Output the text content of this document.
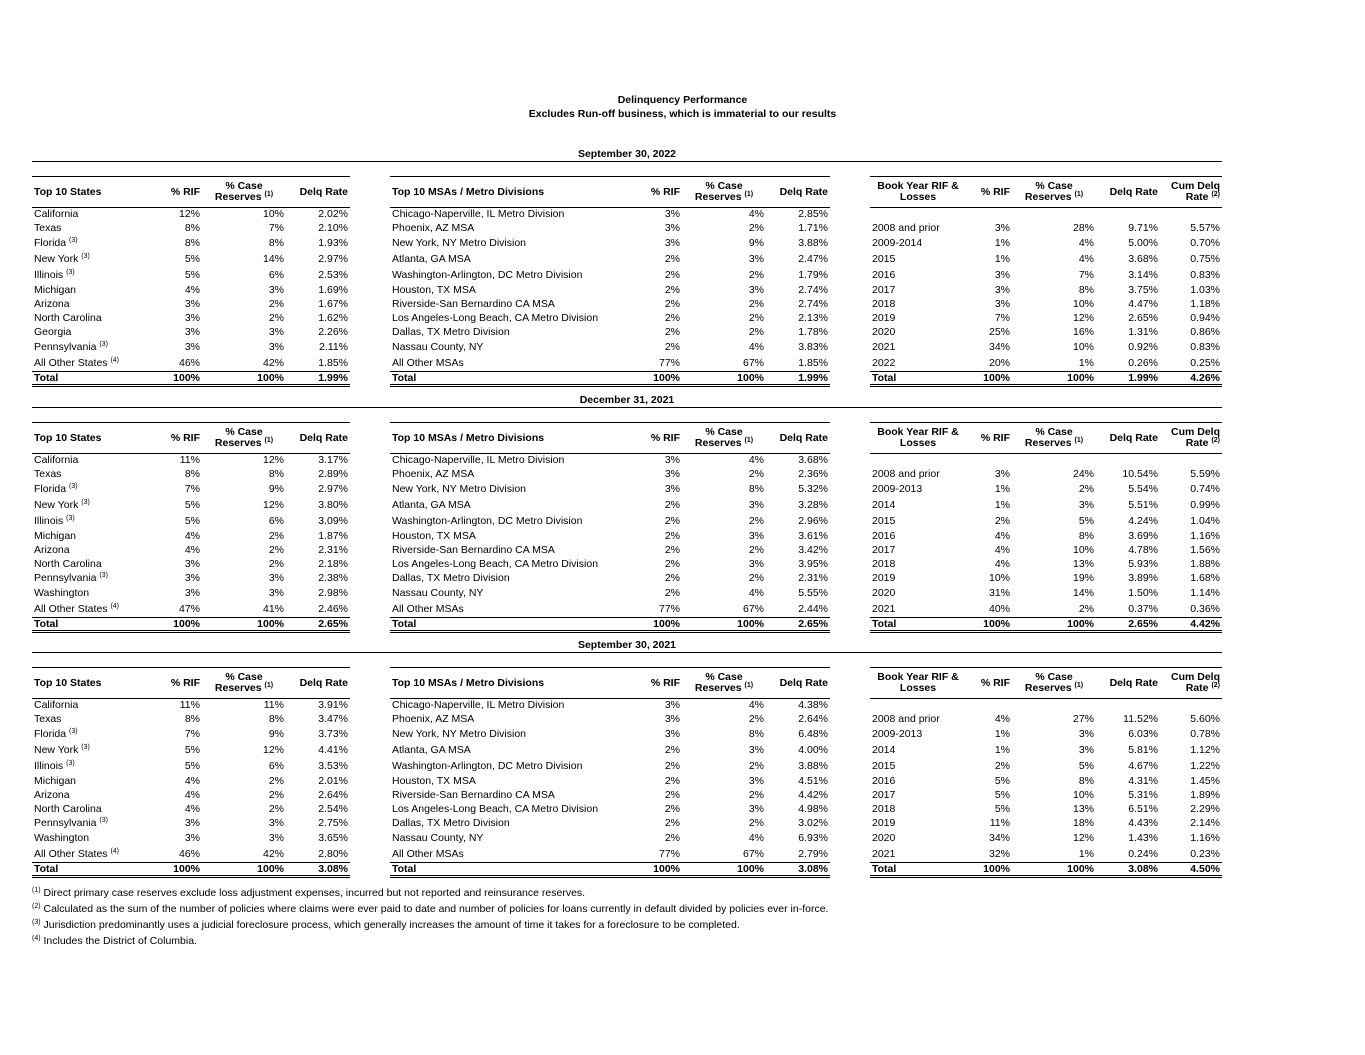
Delinquency Performance
Excludes Run-off business, which is immaterial to our results
September 30, 2022
Top 10 States	% RIF	% Case
Reserves $^{(1)}$	Delq Rate
California	12%	10%	2.02%
Texas	8%	7%	2.10%
Florida $^{(3)}$	8%	8%	1.93%
New York $^{(3)}$	5%	14%	2.97%
Illinois $^{(3)}$	5%	6%	2.53%
Michigan	4%	3%	1.69%
Arizona	3%	2%	1.67%
North Carolina	3%	2%	1.62%
Georgia	3%	3%	2.26%
Pennsylvania $^{(3)}$	3%	3%	2.11%
All Other States $^{(4)}$	46%	42%	1.85%
Total	100%	100%	1.99%
Top 10 MSAs / Metro Divisions	% RIF	% Case
Reserves $^{(1)}$	Delq Rate
Chicago-Naperville, IL Metro Division	3%	4%	2.85%
Phoenix, AZ MSA	3%	2%	1.71%
New York, NY Metro Division	3%	9%	3.88%
Atlanta, GA MSA	2%	3%	2.47%
Washington-Arlington, DC Metro Division	2%	2%	1.79%
Houston, TX MSA	2%	3%	2.74%
Riverside-San Bernardino CA MSA	2%	2%	2.74%
Los Angeles-Long Beach, CA Metro Division	2%	2%	2.13%
Dallas, TX Metro Division	2%	2%	1.78%
Nassau County, NY	2%	4%	3.83%
All Other MSAs	77%	67%	1.85%
Total	100%	100%	1.99%
Book Year RIF &
Losses	% RIF	% Case
Reserves $^{(1)}$	Delq Rate	Cum Delq
Rate $^{(2)}$

2008 and prior	3%	28%	9.71%	5.57%
2009-2014	1%	4%	5.00%	0.70%
2015	1%	4%	3.68%	0.75%
2016	3%	7%	3.14%	0.83%
2017	3%	8%	3.75%	1.03%
2018	3%	10%	4.47%	1.18%
2019	7%	12%	2.65%	0.94%
2020	25%	16%	1.31%	0.86%
2021	34%	10%	0.92%	0.83%
2022	20%	1%	0.26%	0.25%
Total	100%	100%	1.99%	4.26%
December 31, 2021
Top 10 States	% RIF	% Case
Reserves $^{(1)}$	Delq Rate
California	11%	12%	3.17%
Texas	8%	8%	2.89%
Florida $^{(3)}$	7%	9%	2.97%
New York $^{(3)}$	5%	12%	3.80%
Illinois $^{(3)}$	5%	6%	3.09%
Michigan	4%	2%	1.87%
Arizona	4%	2%	2.31%
North Carolina	3%	2%	2.18%
Pennsylvania $^{(3)}$	3%	3%	2.38%
Washington	3%	3%	2.98%
All Other States $^{(4)}$	47%	41%	2.46%
Total	100%	100%	2.65%
Top 10 MSAs / Metro Divisions	% RIF	% Case
Reserves $^{(1)}$	Delq Rate
Chicago-Naperville, IL Metro Division	3%	4%	3.68%
Phoenix, AZ MSA	3%	2%	2.36%
New York, NY Metro Division	3%	8%	5.32%
Atlanta, GA MSA	2%	3%	3.28%
Washington-Arlington, DC Metro Division	2%	2%	2.96%
Houston, TX MSA	2%	3%	3.61%
Riverside-San Bernardino CA MSA	2%	2%	3.42%
Los Angeles-Long Beach, CA Metro Division	2%	3%	3.95%
Dallas, TX Metro Division	2%	2%	2.31%
Nassau County, NY	2%	4%	5.55%
All Other MSAs	77%	67%	2.44%
Total	100%	100%	2.65%
Book Year RIF &
Losses	% RIF	% Case
Reserves $^{(1)}$	Delq Rate	Cum Delq
Rate $^{(2)}$

2008 and prior	3%	24%	10.54%	5.59%
2009-2013	1%	2%	5.54%	0.74%
2014	1%	3%	5.51%	0.99%
2015	2%	5%	4.24%	1.04%
2016	4%	8%	3.69%	1.16%
2017	4%	10%	4.78%	1.56%
2018	4%	13%	5.93%	1.88%
2019	10%	19%	3.89%	1.68%
2020	31%	14%	1.50%	1.14%
2021	40%	2%	0.37%	0.36%
Total	100%	100%	2.65%	4.42%
September 30, 2021
Top 10 States	% RIF	% Case
Reserves $^{(1)}$	Delq Rate
California	11%	11%	3.91%
Texas	8%	8%	3.47%
Florida $^{(3)}$	7%	9%	3.73%
New York $^{(3)}$	5%	12%	4.41%
Illinois $^{(3)}$	5%	6%	3.53%
Michigan	4%	2%	2.01%
Arizona	4%	2%	2.64%
North Carolina	4%	2%	2.54%
Pennsylvania $^{(3)}$	3%	3%	2.75%
Washington	3%	3%	3.65%
All Other States $^{(4)}$	46%	42%	2.80%
Total	100%	100%	3.08%
Top 10 MSAs / Metro Divisions	% RIF	% Case
Reserves $^{(1)}$	Delq Rate
Chicago-Naperville, IL Metro Division	3%	4%	4.38%
Phoenix, AZ MSA	3%	2%	2.64%
New York, NY Metro Division	3%	8%	6.48%
Atlanta, GA MSA	2%	3%	4.00%
Washington-Arlington, DC Metro Division	2%	2%	3.88%
Houston, TX MSA	2%	3%	4.51%
Riverside-San Bernardino CA MSA	2%	2%	4.42%
Los Angeles-Long Beach, CA Metro Division	2%	3%	4.98%
Dallas, TX Metro Division	2%	2%	3.02%
Nassau County, NY	2%	4%	6.93%
All Other MSAs	77%	67%	2.79%
Total	100%	100%	3.08%
Book Year RIF &
Losses	% RIF	% Case
Reserves $^{(1)}$	Delq Rate	Cum Delq
Rate $^{(2)}$

2008 and prior	4%	27%	11.52%	5.60%
2009-2013	1%	3%	6.03%	0.78%
2014	1%	3%	5.81%	1.12%
2015	2%	5%	4.67%	1.22%
2016	5%	8%	4.31%	1.45%
2017	5%	10%	5.31%	1.89%
2018	5%	13%	6.51%	2.29%
2019	11%	18%	4.43%	2.14%
2020	34%	12%	1.43%	1.16%
2021	32%	1%	0.24%	0.23%
Total	100%	100%	3.08%	4.50%
$^{(1)}$ Direct primary case reserves exclude loss adjustment expenses, incurred but not reported and reinsurance reserves.
$^{(2)}$ Calculated as the sum of the number of policies where claims were ever paid to date and number of policies for loans currently in default divided by policies ever in-force.
$^{(3)}$ Jurisdiction predominantly uses a judicial foreclosure process, which generally increases the amount of time it takes for a foreclosure to be completed.
$^{(4)}$ Includes the District of Columbia.
